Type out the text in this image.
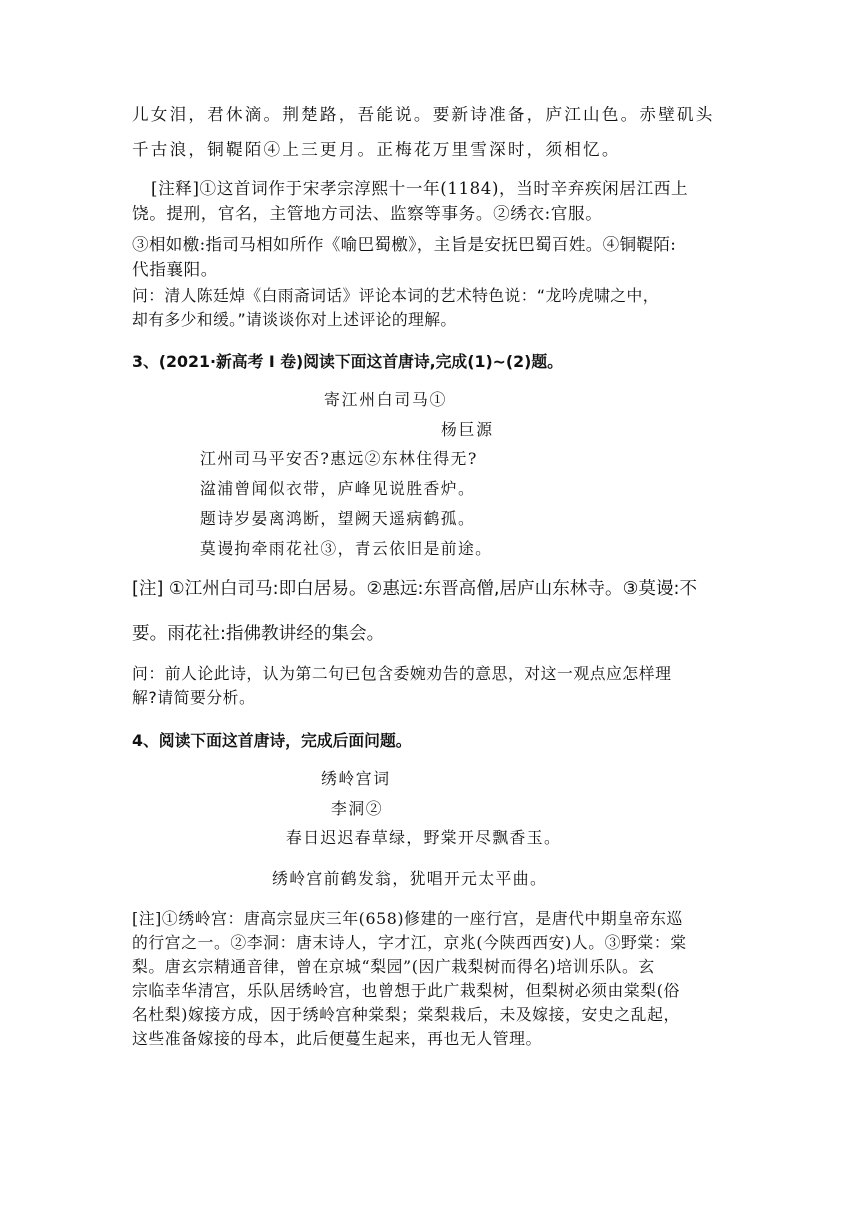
儿女泪，君休滴。荆楚路，吾能说。要新诗准备，庐江山色。赤壁矶头
千古浪，铜鞮陌④上三更月。正梅花万里雪深时，须相忆。
[注释]①这首词作于宋孝宗淳熙十一年(1184)，当时辛弃疾闲居江西上
饶。提刑，官名，主管地方司法、监察等事务。②绣衣:官服。
③相如檄:指司马相如所作《喻巴蜀檄》，主旨是安抚巴蜀百姓。④铜鞮陌:
代指襄阳。
问：清人陈廷焯《白雨斋词话》评论本词的艺术特色说：“龙吟虎啸之中，
却有多少和缓。”请谈谈你对上述评论的理解。
3、(2021·新高考 I 卷)阅读下面这首唐诗,完成(1)~(2)题。
寄江州白司马①
杨巨源
江州司马平安否?惠远②东林住得无?
湓浦曾闻似衣带，庐峰见说胜香炉。
题诗岁晏离鸿断，望阙天遥病鹤孤。
莫谩拘牵雨花社③，青云依旧是前途。
[注] ①江州白司马:即白居易。②惠远:东晋高僧,居庐山东林寺。③莫谩:不
要。雨花社:指佛教讲经的集会。
问：前人论此诗，认为第二句已包含委婉劝告的意思，对这一观点应怎样理
解?请简要分析。
4、阅读下面这首唐诗，完成后面问题。
绣岭宫词
李洞②
春日迟迟春草绿，野棠开尽飘香玉。
绣岭宫前鹤发翁，犹唱开元太平曲。
[注]①绣岭宫：唐高宗显庆三年(658)修建的一座行宫，是唐代中期皇帝东巡
的行宫之一。②李洞：唐末诗人，字才江，京兆(今陕西西安)人。③野棠：棠
梨。唐玄宗精通音律，曾在京城“梨园”(因广栽梨树而得名)培训乐队。玄
宗临幸华清宫，乐队居绣岭宫，也曾想于此广栽梨树，但梨树必须由棠梨(俗
名杜梨)嫁接方成，因于绣岭宫种棠梨；棠梨栽后，未及嫁接，安史之乱起，
这些准备嫁接的母本，此后便蔓生起来，再也无人管理。
